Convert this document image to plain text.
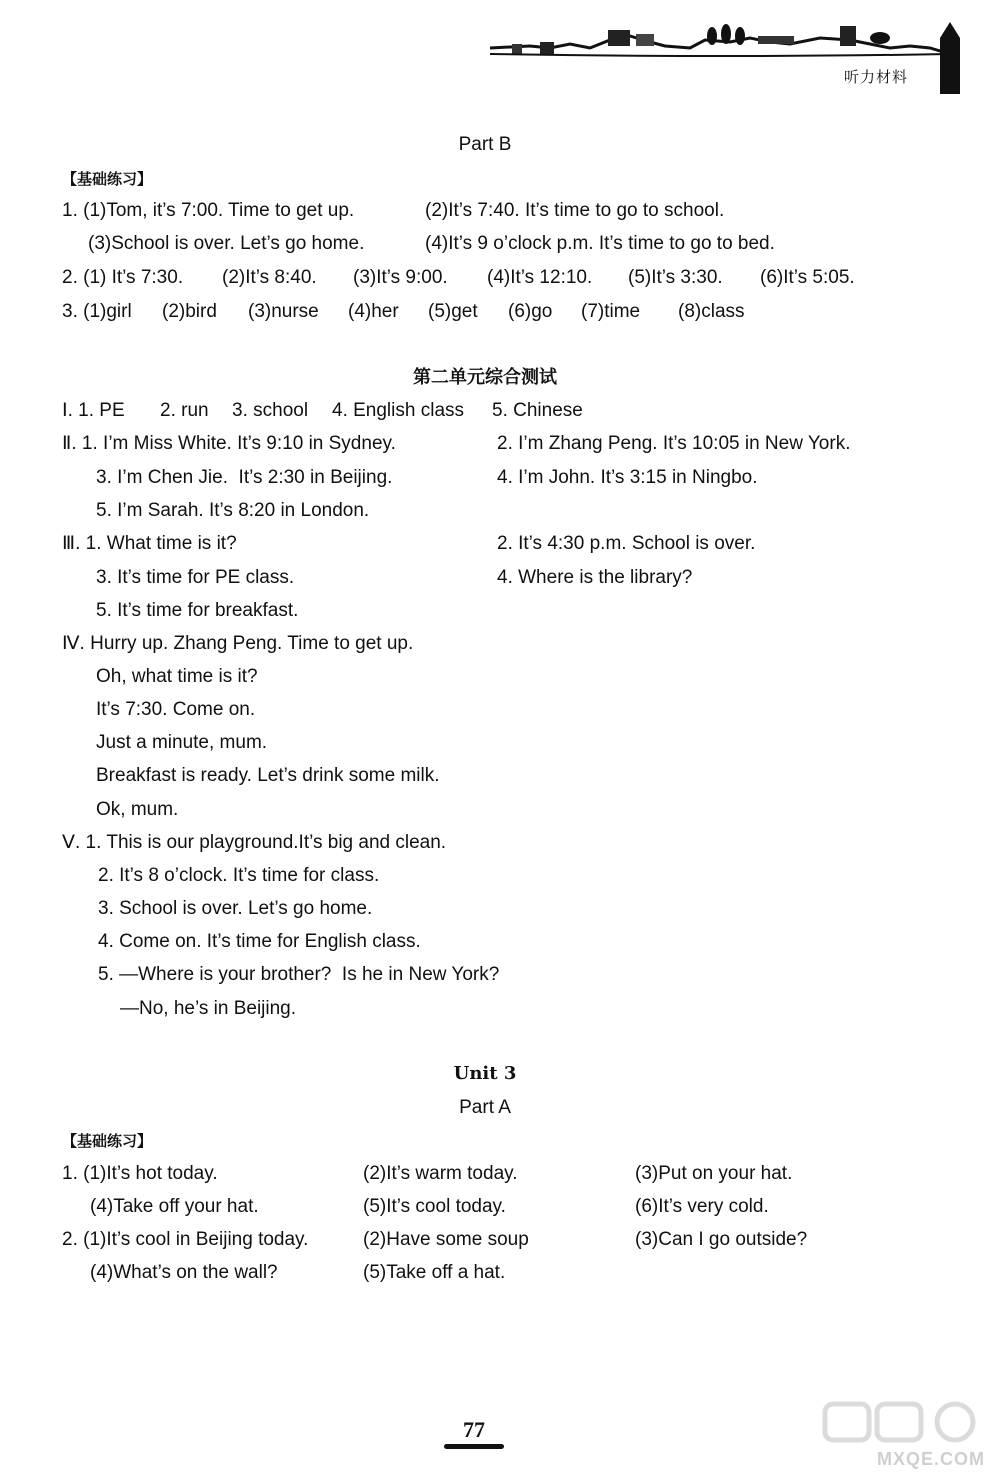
听力材料
Part B
【基础练习】
1. (1)Tom, it’s 7:00. Time to get up.	(2)It’s 7:40. It’s time to go to school.
(3)School is over. Let’s go home.	(4)It’s 9 o’clock p.m. It’s time to go to bed.
2. (1) It’s 7:30. (2)It’s 8:40. (3)It’s 9:00. (4)It’s 12:10. (5)It’s 3:30. (6)It’s 5:05.
3. (1)girl (2)bird (3)nurse (4)her (5)get (6)go (7)time (8)class
第二单元综合测试
Ⅰ. 1. PE 2. run 3. school 4. English class 5. Chinese
Ⅱ. 1. I’m Miss White. It’s 9:10 in Sydney.	2. I’m Zhang Peng. It’s 10:05 in New York.
3. I’m Chen Jie.  It’s 2:30 in Beijing.	4. I’m John. It’s 3:15 in Ningbo.
5. I’m Sarah. It’s 8:20 in London.
Ⅲ. 1. What time is it?	2. It’s 4:30 p.m. School is over.
3. It’s time for PE class.	4. Where is the library?
5. It’s time for breakfast.
Ⅳ. Hurry up. Zhang Peng. Time to get up.
Oh, what time is it?
It’s 7:30. Come on.
Just a minute, mum.
Breakfast is ready. Let’s drink some milk.
Ok, mum.
Ⅴ. 1. This is our playground.It’s big and clean.
2. It’s 8 o’clock. It’s time for class.
3. School is over. Let’s go home.
4. Come on. It’s time for English class.
5. —Where is your brother?  Is he in New York?
—No, he’s in Beijing.
Unit 3
Part A
【基础练习】
1. (1)It’s hot today.	(2)It’s warm today.	(3)Put on your hat.
(4)Take off your hat.	(5)It’s cool today.	(6)It’s very cold.
2. (1)It’s cool in Beijing today.	(2)Have some soup	(3)Can I go outside?
(4)What’s on the wall?	(5)Take off a hat.
77
MXQE.COM
